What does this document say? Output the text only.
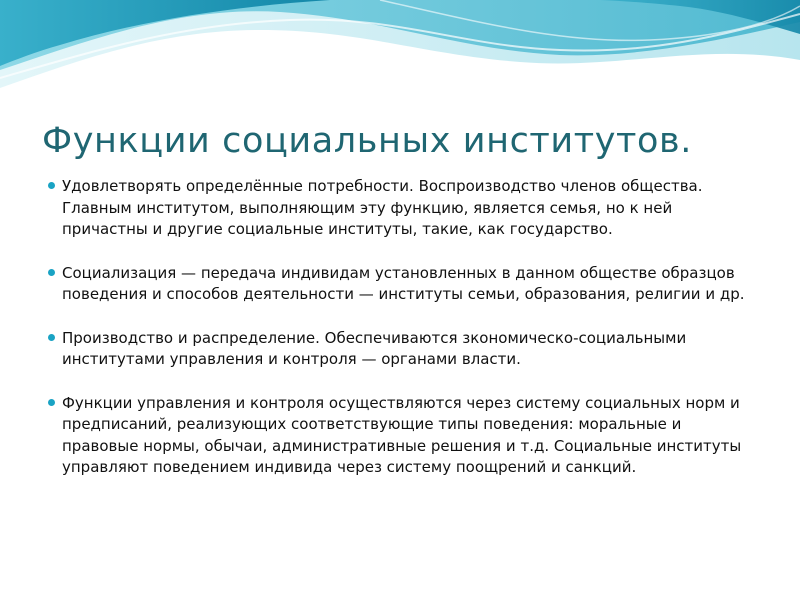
Функции социальных институтов.
Удовлетворять определённые потребности. Воспроизводство членов общества. Главным институтом, выполняющим эту функцию, является семья, но к ней причастны и другие социальные институты, такие, как государство.
Социализация — передача индивидам установленных в данном обществе образцов поведения и способов деятельности — институты семьи, образования, религии и др.
Производство и распределение. Обеспечиваются зкономическо-социальными институтами управления и контроля — органами власти.
Функции управления и контроля осуществляются через систему социальных норм и предписаний, реализующих соответствующие типы поведения: моральные и правовые нормы, обычаи, административные решения и т.д. Социальные институты управляют поведением индивида через систему поощрений и санкций.
